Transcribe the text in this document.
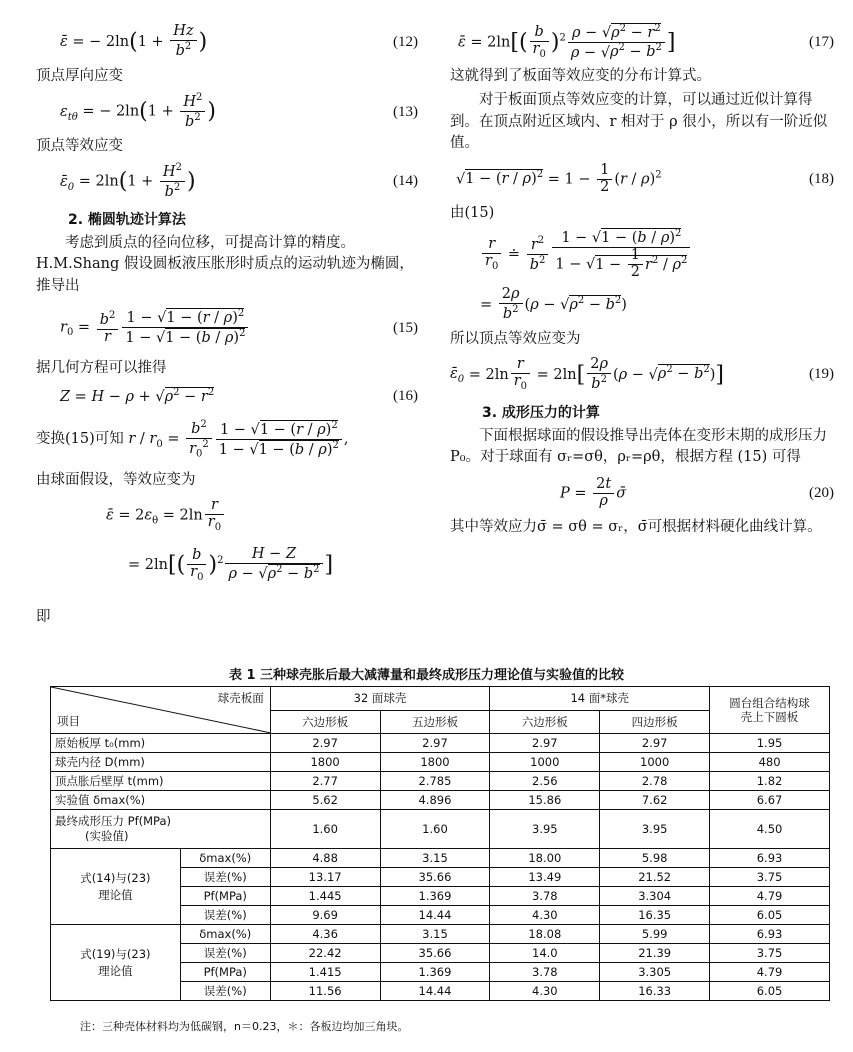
ε̄ = − $2\ln(1 + \frac{Hz}{b^2}$ )	(12)
顶点厚向应变
$\varepsilon_{t\theta}$ = − $2\ln(1 + \frac{H^2}{b^2}$ )	(13)
顶点等效应变
$\varepsilon̄_0 = 2\ln(1 + \frac{H^2}{b^2}$ )	(14)
2. 椭圆轨迹计算法
考虑到质点的径向位移，可提高计算的精度。H.M.Shang 假设圆板液压胀形时质点的运动轨迹为椭圆，推导出
$r_0 = \frac{b^2}{r} \frac{1 - √1 - (r / \rho)^2}{1 - √1 - (b / \rho)^2}$	(15)
据几何方程可以推得
$Z = H - \rho + √\rho^2 - r^2$	(16)
变换(15)可知 $r / r_0 = \frac{b^2}{r_0^2} \frac{1 - √1 - (r / \rho)^2}{1 - √1 - (b / \rho)^2}$ ,
由球面假设，等效应变为
ε̄ = $2\varepsilon_\theta = 2\ln \frac{r}{r_0}$
= $2\ln[( \frac{b}{r_0} )^2 \frac{H - Z}{\rho - √\rho^2 - b^2}$ ]
即
ε̄ = $2\ln[( \frac{b}{r_0} )^2 \frac{\rho - √\rho^2 - r^2}{\rho - √\rho^2 - b^2}$ ]	(17)
这就得到了板面等效应变的分布计算式。
对于板面顶点等效应变的计算，可以通过近似计算得到。在顶点附近区域内、r 相对于 ρ 很小，所以有一阶近似值。
$√1 - (r / \rho)^2 = 1 - \frac{1}{2} (r / \rho)^2$	(18)
由(15)
$\frac{r}{r_0}$ ≐ $\frac{r^2}{b^2} \frac{1 - √1 - (b / \rho)^2}{1 - √1 - \frac{1}{2} r^2 / \rho^2}$
= $\frac{2\rho}{b^2} (\rho - √\rho^2 - b^2)$
所以顶点等效应变为
$\varepsilon̄_0 = 2\ln \frac{r}{r_0} = 2\ln[ \frac{2\rho}{b^2} (\rho - √\rho^2 - b^2)]$	(19)
3. 成形压力的计算
下面根据球面的假设推导出壳体在变形末期的成形压力 P₀。对于球面有 σᵣ=σθ，ρᵣ=ρθ，根据方程 (15) 可得
$P = \frac{2t}{\rho}$ σ̄	(20)
其中等效应力σ̄ = σθ = σᵣ，σ̄可根据材料硬化曲线计算。
表 1 三种球壳胀后最大减薄量和最终成形压力理论值与实验值的比较
球壳板面
项目		32 面球壳		14 面*球壳		圆台组合结构球壳上下圆板
		六边形板	五边形板	六边形板	四边形板	
原始板厚 t₀(mm)		2.97	2.97	2.97	2.97	1.95
球壳内径 D(mm)		1800	1800	1000	1000	480
顶点胀后壁厚 t(mm)		2.77	2.785	2.56	2.78	1.82
实验值 δmax(%)		5.62	4.896	15.86	7.62	6.67

最终成形压力 Pf(MPa)
(实验值)		1.60	1.60	3.95	3.95	4.50

式(14)与(23)
理论值	δmax(%)	4.88	3.15	18.00	5.98	6.93
	误差(%)	13.17	35.66	13.49	21.52	3.75
	Pf(MPa)	1.445	1.369	3.78	3.304	4.79
	误差(%)	9.69	14.44	4.30	16.35	6.05

式(19)与(23)
理论值	δmax(%)	4.36	3.15	18.08	5.99	6.93
	误差(%)	22.42	35.66	14.0	21.39	3.75
	Pf(MPa)	1.415	1.369	3.78	3.305	4.79
	误差(%)	11.56	14.44	4.30	16.33	6.05
注：三种壳体材料均为低碳钢，n＝0.23，＊：各板边均加三角块。
